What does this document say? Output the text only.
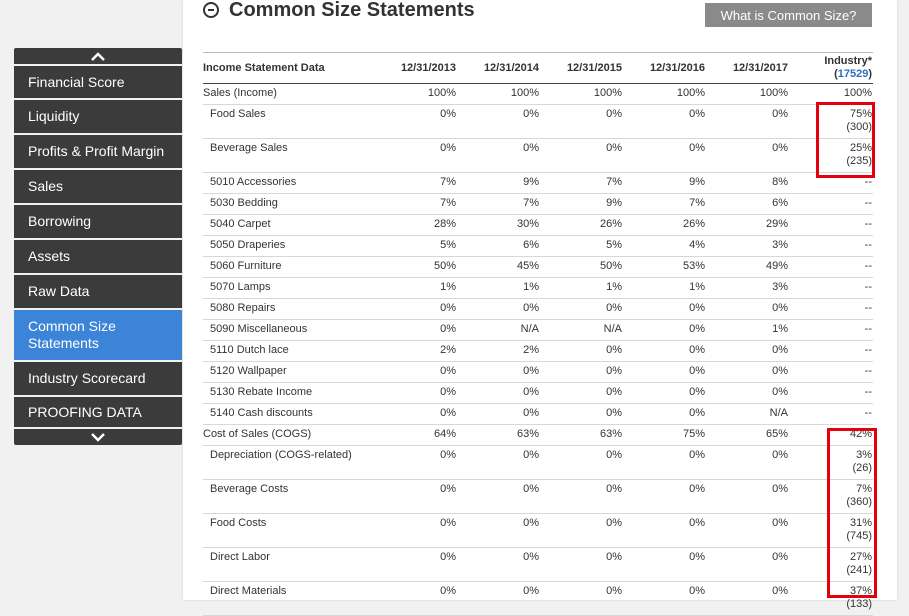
Common Size Statements	What is Common Size?
Financial Score
Liquidity
Profits & Profit Margin
Sales
Borrowing
Assets
Raw Data
Common Size Statements
Industry Scorecard
PROOFING DATA
Income Statement Data	12/31/2013	12/31/2014	12/31/2015	12/31/2016	12/31/2017	Industry*
(17529)
Sales (Income)	100%	100%	100%	100%	100%	100%
Food Sales	0%	0%	0%	0%	0%	75%
(300)
Beverage Sales	0%	0%	0%	0%	0%	25%
(235)
5010 Accessories	7%	9%	7%	9%	8%	--
5030 Bedding	7%	7%	9%	7%	6%	--
5040 Carpet	28%	30%	26%	26%	29%	--
5050 Draperies	5%	6%	5%	4%	3%	--
5060 Furniture	50%	45%	50%	53%	49%	--
5070 Lamps	1%	1%	1%	1%	3%	--
5080 Repairs	0%	0%	0%	0%	0%	--
5090 Miscellaneous	0%	N/A	N/A	0%	1%	--
5110 Dutch lace	2%	2%	0%	0%	0%	--
5120 Wallpaper	0%	0%	0%	0%	0%	--
5130 Rebate Income	0%	0%	0%	0%	0%	--
5140 Cash discounts	0%	0%	0%	0%	N/A	--
Cost of Sales (COGS)	64%	63%	63%	75%	65%	42%
Depreciation (COGS-related)	0%	0%	0%	0%	0%	3%
(26)
Beverage Costs	0%	0%	0%	0%	0%	7%
(360)
Food Costs	0%	0%	0%	0%	0%	31%
(745)
Direct Labor	0%	0%	0%	0%	0%	27%
(241)
Direct Materials	0%	0%	0%	0%	0%	37%
(133)
